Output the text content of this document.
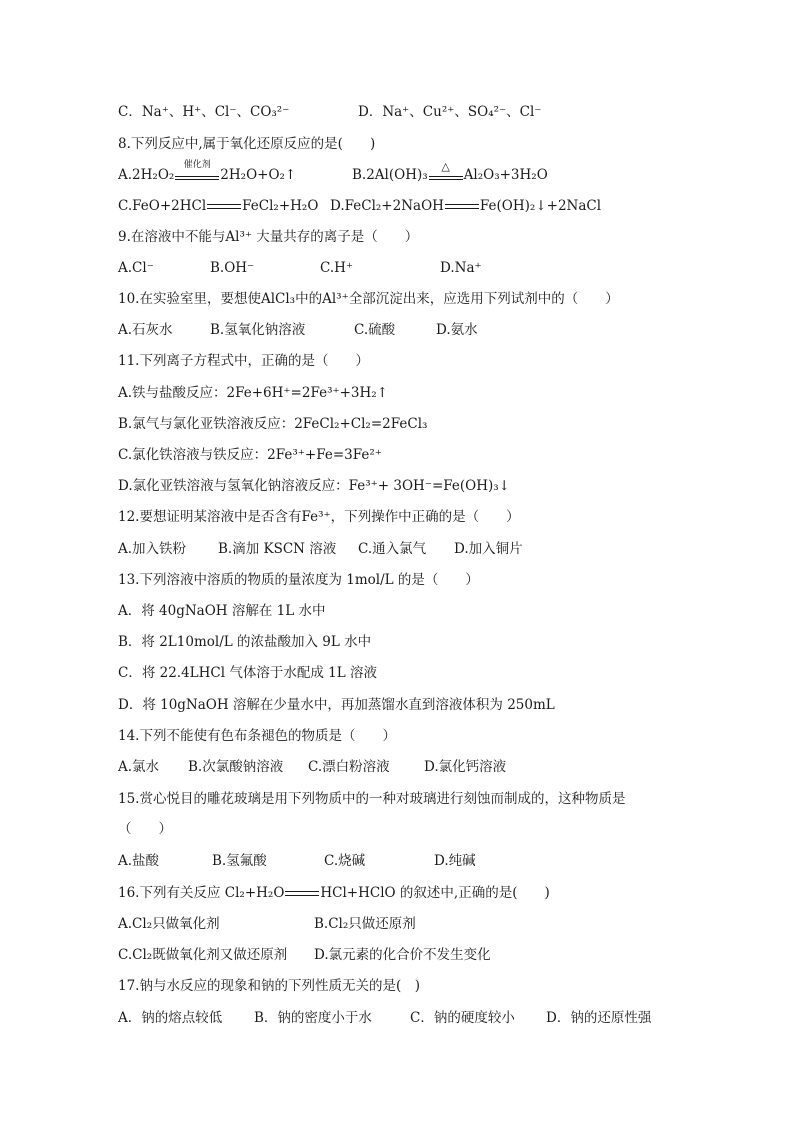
C．Na⁺、H⁺、Cl⁻、CO₃²⁻	D．Na⁺、Cu²⁺、SO₄²⁻、Cl⁻
8.下列反应中,属于氧化还原反应的是(　　)
A.2H₂O₂
催化剂
2H₂O+O₂↑	B.2Al(OH)₃
△
Al₂O₃+3H₂O
C.FeO+2HCl	FeCl₂+H₂O D.FeCl₂+2NaOH	Fe(OH)₂↓+2NaCl
9.在溶液中不能与Al³⁺ 大量共存的离子是（　　）
A.Cl⁻	B.OH⁻	C.H⁺	D.Na⁺
10.在实验室里，要想使AlCl₃中的Al³⁺全部沉淀出来，应选用下列试剂中的（　　）
A.石灰水	B.氢氧化钠溶液	C.硫酸	D.氨水
11.下列离子方程式中，正确的是（　　）
A.铁与盐酸反应：2Fe+6H⁺=2Fe³⁺+3H₂↑
B.氯气与氯化亚铁溶液反应：2FeCl₂+Cl₂=2FeCl₃
C.氯化铁溶液与铁反应：2Fe³⁺+Fe=3Fe²⁺
D.氯化亚铁溶液与氢氧化钠溶液反应：Fe³⁺+ 3OH⁻=Fe(OH)₃↓
12.要想证明某溶液中是否含有Fe³⁺，下列操作中正确的是（　　）
A.加入铁粉 B.滴加 KSCN 溶液 C.通入氯气 D.加入铜片
13.下列溶液中溶质的物质的量浓度为 1mol/L 的是（　　）
A．将 40gNaOH 溶解在 1L 水中
B．将 2L10mol/L 的浓盐酸加入 9L 水中
C．将 22.4LHCl 气体溶于水配成 1L 溶液
D．将 10gNaOH 溶解在少量水中，再加蒸馏水直到溶液体积为 250mL
14.下列不能使有色布条褪色的物质是（　　）
A.氯水 B.次氯酸钠溶液 C.漂白粉溶液	D.氯化钙溶液
15.赏心悦目的雕花玻璃是用下列物质中的一种对玻璃进行刻蚀而制成的，这种物质是
（　　）
A.盐酸	B.氢氟酸	C.烧碱	D.纯碱
16.下列有关反应 Cl₂+H₂O	HCl+HClO 的叙述中,正确的是(　　)
A.Cl₂只做氧化剂	B.Cl₂只做还原剂
C.Cl₂既做氧化剂又做还原剂 D.氯元素的化合价不发生变化
17.钠与水反应的现象和钠的下列性质无关的是(　)
A．钠的熔点较低 B．钠的密度小于水	C．钠的硬度较小 D．钠的还原性强
